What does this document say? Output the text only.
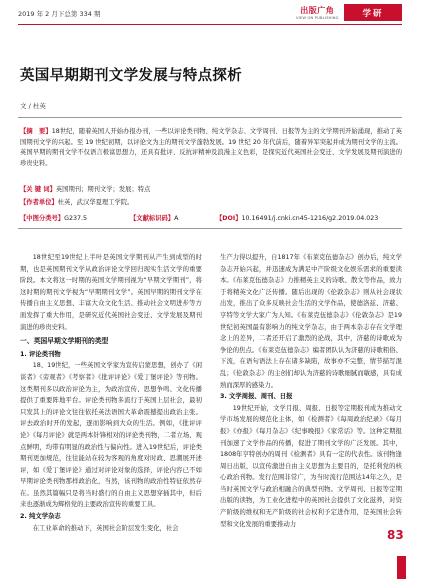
2019 年 2 月下总第 334 期	出版广角
VIEW ON PUBLISHING	学研
英国早期期刊文学发展与特点探析
文 / 杜英
【摘　要】18世纪，随着英国人开始办报办刊，一些以评论类刊物、纯文学杂志、文学周刊、日报等为主的文学期刊开始涌现，推动了英国期刊文学的兴起。至 19 世纪初期，以评论文为主的期刊文学蓬勃发展。19 世纪 20 年代前后，随着异军突起并成为期刊文学的主流。英国早期的期刊文学不仅语言极富思想力，还具有批评、反抗评精神及浪漫主义色彩，是探究近代英国社会变迁、文学发展及期刊演进的珍贵史料。
【关 键 词】英国期刊；期刊文学；发展；特点
【作者单位】杜英，武汉华夏理工学院。
【中图分类号】G237.5	【文献标识码】A	【DOI】10.16491/j.cnki.cn45-1216/g2.2019.04.023

18世纪至19世纪上半叶是英国文学期刊从产生到成型的时期，也是英国期刊文学从政治评论文学回归现实生活文学的重要阶段。本文将这一时期的英国文学期刊视为“早期文学期刊”，将这时期的期刊文学视为“早期期刊文学”。英国早期的期刊文学在传播自由主义思想、丰富大众文化生活、推动社会文明进步等方面发挥了重大作用，是研究近代英国社会变迁、文学发展及期刊演进的珍贵史料。

一、英国早期文学期刊的类型

1. 评论类刊物

18、19世纪，一些英国文学家为宣传启蒙思想，创办了《闲谈者》《旁观者》《考察者》《批评评论》《爱丁堡评论》等刊物。这类期刊多以政治评论为主，为政治宣传、思想争鸣、文化传播提供了重要阵地平台。评论类刊物多流行于英国上层社会，最初只发其上的评论文往往依托英法语国大革命震撼提出政治主张。评去政治时开的发起，逐而影响到大众的生活。例如，《批评评论》《每月评论》就是两本针锋相对的评论类刊物，二者立场、观点鲜明，均带有明显的政治性与偏向性。进入19世纪后，评论类期刊更加规范，往往能站在较为客观的角度对时政、思潮展开述评，如《爱丁堡评论》通过对评论对象的选择，评论内容已不如早期评论类刊物那样政治化，当然，该刊物的政治性特征依然存在。虽然其篇幅只是将当时盛行的自由主义思想穿插其中，但后来也逐渐成为辉格党的主要政治宣传的重要工具。

2. 纯文学杂志

在工业革命的推动下，英国社会阶层发生变化，社会

生产力得以提升，自1817年《布莱克伍德杂志》创办后，纯文学杂志开始兴起，并迅速成为满足中产阶级文化娱乐需求的重要读本。《布莱克伍德杂志》力推精英主义的诗歌、散文等作品，致力于将精英文化广泛传播。随后出现的《伦敦杂志》则从社会现状出发，推出了众多反映社会生活的文学作品，使德洛兹、济慈、亨特等文学大家广为人知。《布莱克伍德杂志》《伦敦杂志》是19世纪初英国最有影响力的纯文学杂志，由于两本杂志存在文学理念上的差异，二者还开启了激烈的论战，其中，济慈的诗歌成为争论的焦点。《布莱克伍德杂志》编者团队认为济慈的诗歌粗俗、下流，在语句语法上存在诸多缺陷，故事亦不完整，情节描写混乱；《伦敦杂志》的主创们却认为济慈的诗歌细腻而敏感，具有成熟而深厚的感染力。

3. 文学周报、周刊、日报

19世纪开始，文学月报、周报、日报等定期报刊成为推动文学市场发展的规范化主体，如《检测者》《每周政治纪录》《每月报》《亦报》《每月杂志》《纪事晚报》《家常话》等。这种定期报刊加速了文学作品的传播，促进了期刊文学的广泛发展。其中，1808年亨特创办的周刊《检测者》具有一定的代表性。该刊物逢周日出版，以宣传激进自由主义思想为主要目的，是托利党的核心政治刊物。发行范围非常广，为当时流行范围达14年之久，是当时英国文学与政治相融合的典型刊物。文学周刊、日报等定期出版的读物，为工业化进程中的英国社会提供了文化滋养，对资产阶级的维权和无产阶级的社会权利予定进作用，是英国社会转型和文化发展的重要推动力

83
